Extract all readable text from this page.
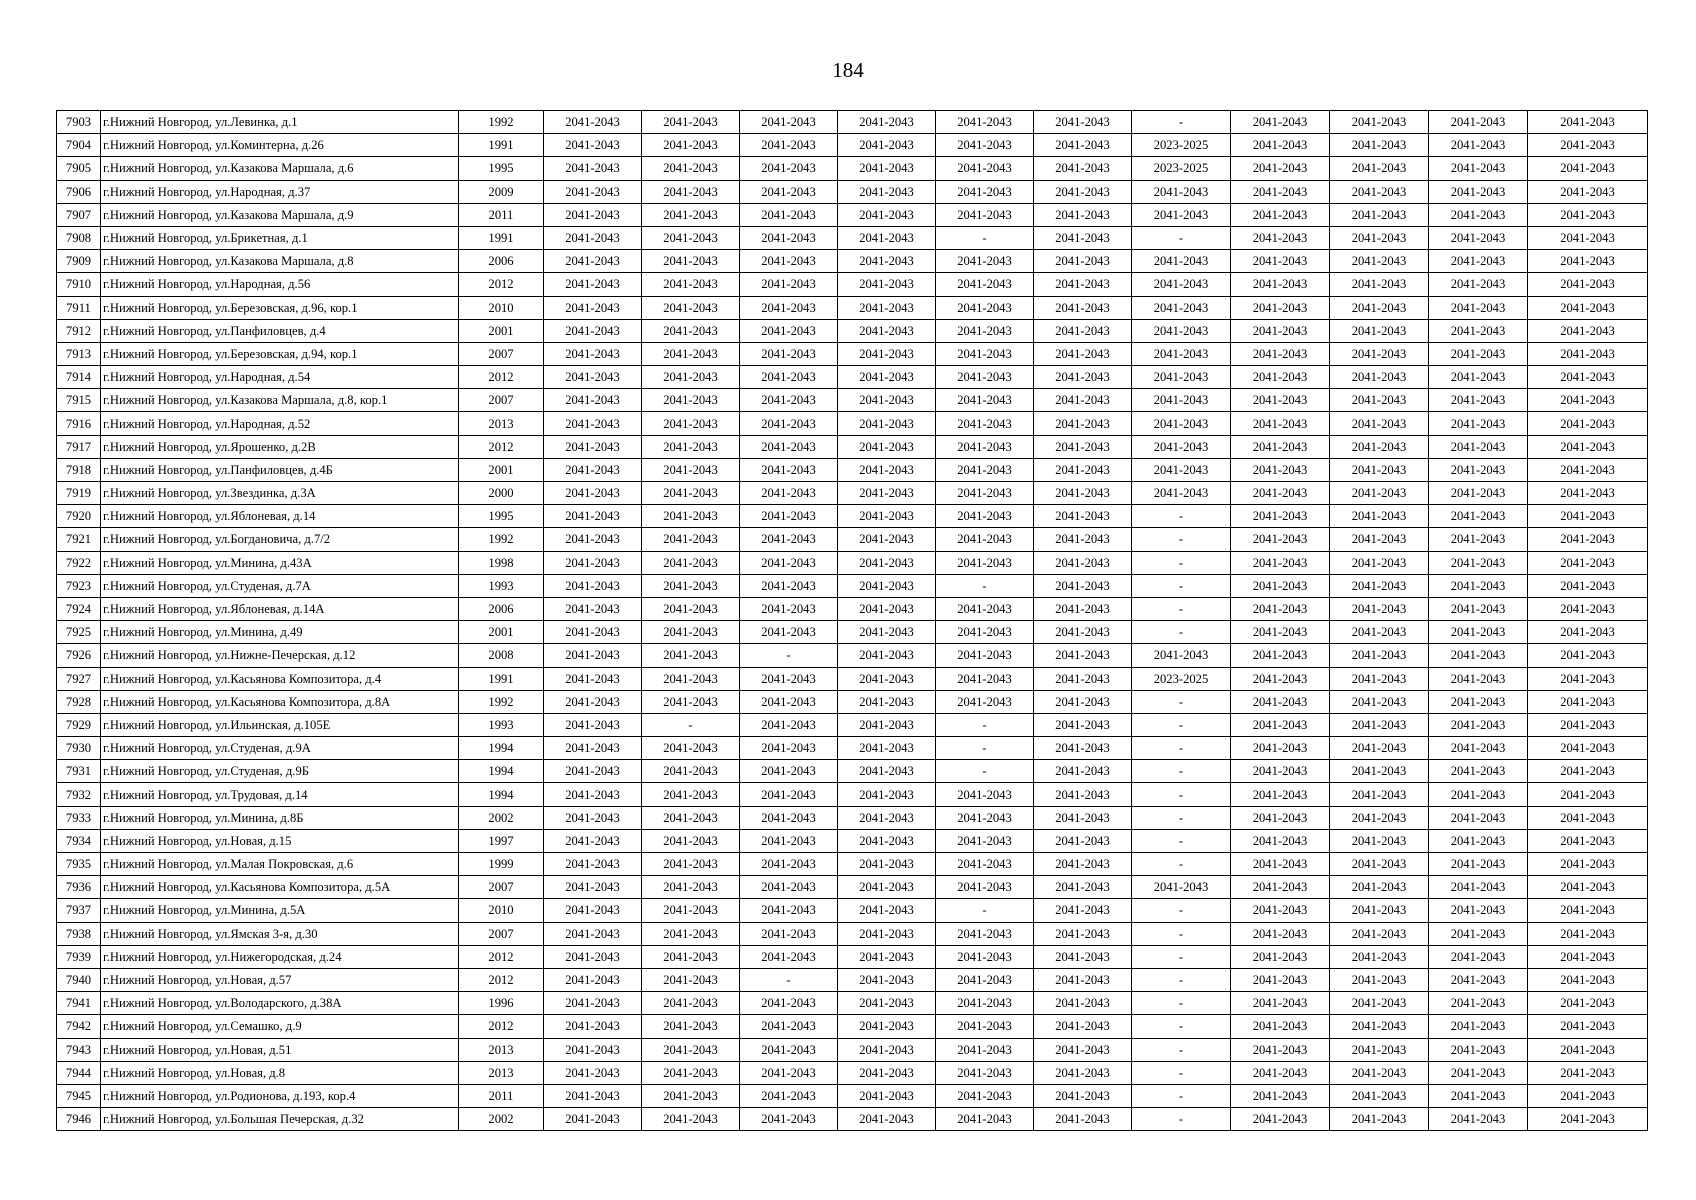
184
7903	г.Нижний Новгород, ул.Левинка, д.1	1992	2041-2043	2041-2043	2041-2043	2041-2043	2041-2043	2041-2043	-	2041-2043	2041-2043	2041-2043	2041-2043
7904	г.Нижний Новгород, ул.Коминтерна, д.26	1991	2041-2043	2041-2043	2041-2043	2041-2043	2041-2043	2041-2043	2023-2025	2041-2043	2041-2043	2041-2043	2041-2043
7905	г.Нижний Новгород, ул.Казакова Маршала, д.6	1995	2041-2043	2041-2043	2041-2043	2041-2043	2041-2043	2041-2043	2023-2025	2041-2043	2041-2043	2041-2043	2041-2043
7906	г.Нижний Новгород, ул.Народная, д.37	2009	2041-2043	2041-2043	2041-2043	2041-2043	2041-2043	2041-2043	2041-2043	2041-2043	2041-2043	2041-2043	2041-2043
7907	г.Нижний Новгород, ул.Казакова Маршала, д.9	2011	2041-2043	2041-2043	2041-2043	2041-2043	2041-2043	2041-2043	2041-2043	2041-2043	2041-2043	2041-2043	2041-2043
7908	г.Нижний Новгород, ул.Брикетная, д.1	1991	2041-2043	2041-2043	2041-2043	2041-2043	-	2041-2043	-	2041-2043	2041-2043	2041-2043	2041-2043
7909	г.Нижний Новгород, ул.Казакова Маршала, д.8	2006	2041-2043	2041-2043	2041-2043	2041-2043	2041-2043	2041-2043	2041-2043	2041-2043	2041-2043	2041-2043	2041-2043
7910	г.Нижний Новгород, ул.Народная, д.56	2012	2041-2043	2041-2043	2041-2043	2041-2043	2041-2043	2041-2043	2041-2043	2041-2043	2041-2043	2041-2043	2041-2043
7911	г.Нижний Новгород, ул.Березовская, д.96, кор.1	2010	2041-2043	2041-2043	2041-2043	2041-2043	2041-2043	2041-2043	2041-2043	2041-2043	2041-2043	2041-2043	2041-2043
7912	г.Нижний Новгород, ул.Панфиловцев, д.4	2001	2041-2043	2041-2043	2041-2043	2041-2043	2041-2043	2041-2043	2041-2043	2041-2043	2041-2043	2041-2043	2041-2043
7913	г.Нижний Новгород, ул.Березовская, д.94, кор.1	2007	2041-2043	2041-2043	2041-2043	2041-2043	2041-2043	2041-2043	2041-2043	2041-2043	2041-2043	2041-2043	2041-2043
7914	г.Нижний Новгород, ул.Народная, д.54	2012	2041-2043	2041-2043	2041-2043	2041-2043	2041-2043	2041-2043	2041-2043	2041-2043	2041-2043	2041-2043	2041-2043
7915	г.Нижний Новгород, ул.Казакова Маршала, д.8, кор.1	2007	2041-2043	2041-2043	2041-2043	2041-2043	2041-2043	2041-2043	2041-2043	2041-2043	2041-2043	2041-2043	2041-2043
7916	г.Нижний Новгород, ул.Народная, д.52	2013	2041-2043	2041-2043	2041-2043	2041-2043	2041-2043	2041-2043	2041-2043	2041-2043	2041-2043	2041-2043	2041-2043
7917	г.Нижний Новгород, ул.Ярошенко, д.2В	2012	2041-2043	2041-2043	2041-2043	2041-2043	2041-2043	2041-2043	2041-2043	2041-2043	2041-2043	2041-2043	2041-2043
7918	г.Нижний Новгород, ул.Панфиловцев, д.4Б	2001	2041-2043	2041-2043	2041-2043	2041-2043	2041-2043	2041-2043	2041-2043	2041-2043	2041-2043	2041-2043	2041-2043
7919	г.Нижний Новгород, ул.Звездинка, д.3А	2000	2041-2043	2041-2043	2041-2043	2041-2043	2041-2043	2041-2043	2041-2043	2041-2043	2041-2043	2041-2043	2041-2043
7920	г.Нижний Новгород, ул.Яблоневая, д.14	1995	2041-2043	2041-2043	2041-2043	2041-2043	2041-2043	2041-2043	-	2041-2043	2041-2043	2041-2043	2041-2043
7921	г.Нижний Новгород, ул.Богдановича, д.7/2	1992	2041-2043	2041-2043	2041-2043	2041-2043	2041-2043	2041-2043	-	2041-2043	2041-2043	2041-2043	2041-2043
7922	г.Нижний Новгород, ул.Минина, д.43А	1998	2041-2043	2041-2043	2041-2043	2041-2043	2041-2043	2041-2043	-	2041-2043	2041-2043	2041-2043	2041-2043
7923	г.Нижний Новгород, ул.Студеная, д.7А	1993	2041-2043	2041-2043	2041-2043	2041-2043	-	2041-2043	-	2041-2043	2041-2043	2041-2043	2041-2043
7924	г.Нижний Новгород, ул.Яблоневая, д.14А	2006	2041-2043	2041-2043	2041-2043	2041-2043	2041-2043	2041-2043	-	2041-2043	2041-2043	2041-2043	2041-2043
7925	г.Нижний Новгород, ул.Минина, д.49	2001	2041-2043	2041-2043	2041-2043	2041-2043	2041-2043	2041-2043	-	2041-2043	2041-2043	2041-2043	2041-2043
7926	г.Нижний Новгород, ул.Нижне-Печерская, д.12	2008	2041-2043	2041-2043	-	2041-2043	2041-2043	2041-2043	2041-2043	2041-2043	2041-2043	2041-2043	2041-2043
7927	г.Нижний Новгород, ул.Касьянова Композитора, д.4	1991	2041-2043	2041-2043	2041-2043	2041-2043	2041-2043	2041-2043	2023-2025	2041-2043	2041-2043	2041-2043	2041-2043
7928	г.Нижний Новгород, ул.Касьянова Композитора, д.8А	1992	2041-2043	2041-2043	2041-2043	2041-2043	2041-2043	2041-2043	-	2041-2043	2041-2043	2041-2043	2041-2043
7929	г.Нижний Новгород, ул.Ильинская, д.105Е	1993	2041-2043	-	2041-2043	2041-2043	-	2041-2043	-	2041-2043	2041-2043	2041-2043	2041-2043
7930	г.Нижний Новгород, ул.Студеная, д.9А	1994	2041-2043	2041-2043	2041-2043	2041-2043	-	2041-2043	-	2041-2043	2041-2043	2041-2043	2041-2043
7931	г.Нижний Новгород, ул.Студеная, д.9Б	1994	2041-2043	2041-2043	2041-2043	2041-2043	-	2041-2043	-	2041-2043	2041-2043	2041-2043	2041-2043
7932	г.Нижний Новгород, ул.Трудовая, д.14	1994	2041-2043	2041-2043	2041-2043	2041-2043	2041-2043	2041-2043	-	2041-2043	2041-2043	2041-2043	2041-2043
7933	г.Нижний Новгород, ул.Минина, д.8Б	2002	2041-2043	2041-2043	2041-2043	2041-2043	2041-2043	2041-2043	-	2041-2043	2041-2043	2041-2043	2041-2043
7934	г.Нижний Новгород, ул.Новая, д.15	1997	2041-2043	2041-2043	2041-2043	2041-2043	2041-2043	2041-2043	-	2041-2043	2041-2043	2041-2043	2041-2043
7935	г.Нижний Новгород, ул.Малая Покровская, д.6	1999	2041-2043	2041-2043	2041-2043	2041-2043	2041-2043	2041-2043	-	2041-2043	2041-2043	2041-2043	2041-2043
7936	г.Нижний Новгород, ул.Касьянова Композитора, д.5А	2007	2041-2043	2041-2043	2041-2043	2041-2043	2041-2043	2041-2043	2041-2043	2041-2043	2041-2043	2041-2043	2041-2043
7937	г.Нижний Новгород, ул.Минина, д.5А	2010	2041-2043	2041-2043	2041-2043	2041-2043	-	2041-2043	-	2041-2043	2041-2043	2041-2043	2041-2043
7938	г.Нижний Новгород, ул.Ямская 3-я, д.30	2007	2041-2043	2041-2043	2041-2043	2041-2043	2041-2043	2041-2043	-	2041-2043	2041-2043	2041-2043	2041-2043
7939	г.Нижний Новгород, ул.Нижегородская, д.24	2012	2041-2043	2041-2043	2041-2043	2041-2043	2041-2043	2041-2043	-	2041-2043	2041-2043	2041-2043	2041-2043
7940	г.Нижний Новгород, ул.Новая, д.57	2012	2041-2043	2041-2043	-	2041-2043	2041-2043	2041-2043	-	2041-2043	2041-2043	2041-2043	2041-2043
7941	г.Нижний Новгород, ул.Володарского, д.38А	1996	2041-2043	2041-2043	2041-2043	2041-2043	2041-2043	2041-2043	-	2041-2043	2041-2043	2041-2043	2041-2043
7942	г.Нижний Новгород, ул.Семашко, д.9	2012	2041-2043	2041-2043	2041-2043	2041-2043	2041-2043	2041-2043	-	2041-2043	2041-2043	2041-2043	2041-2043
7943	г.Нижний Новгород, ул.Новая, д.51	2013	2041-2043	2041-2043	2041-2043	2041-2043	2041-2043	2041-2043	-	2041-2043	2041-2043	2041-2043	2041-2043
7944	г.Нижний Новгород, ул.Новая, д.8	2013	2041-2043	2041-2043	2041-2043	2041-2043	2041-2043	2041-2043	-	2041-2043	2041-2043	2041-2043	2041-2043
7945	г.Нижний Новгород, ул.Родионова, д.193, кор.4	2011	2041-2043	2041-2043	2041-2043	2041-2043	2041-2043	2041-2043	-	2041-2043	2041-2043	2041-2043	2041-2043
7946	г.Нижний Новгород, ул.Большая Печерская, д.32	2002	2041-2043	2041-2043	2041-2043	2041-2043	2041-2043	2041-2043	-	2041-2043	2041-2043	2041-2043	2041-2043
